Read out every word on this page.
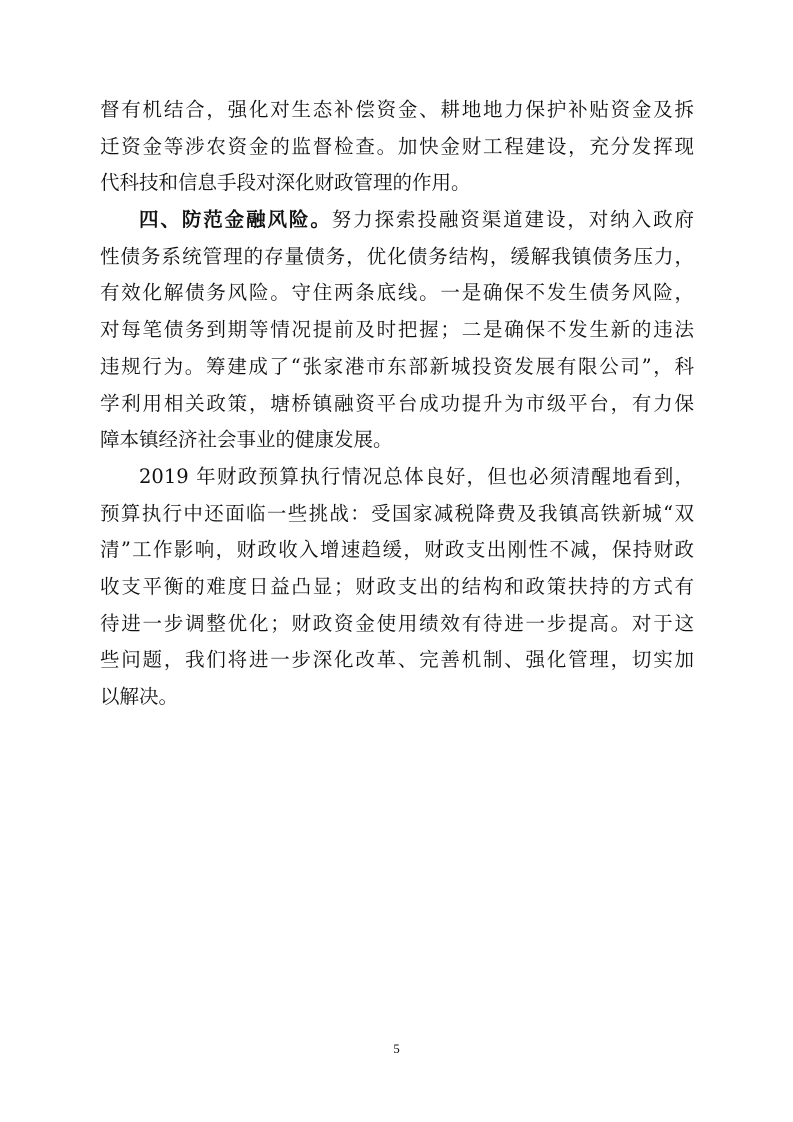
督有机结合，强化对生态补偿资金、耕地地力保护补贴资金及拆
迁资金等涉农资金的监督检查。加快金财工程建设，充分发挥现
代科技和信息手段对深化财政管理的作用。
四、防范金融风险。努力探索投融资渠道建设，对纳入政府
性债务系统管理的存量债务，优化债务结构，缓解我镇债务压力，
有效化解债务风险。守住两条底线。一是确保不发生债务风险，
对每笔债务到期等情况提前及时把握；二是确保不发生新的违法
违规行为。筹建成了“张家港市东部新城投资发展有限公司”，科
学利用相关政策，塘桥镇融资平台成功提升为市级平台，有力保
障本镇经济社会事业的健康发展。
2019 年财政预算执行情况总体良好，但也必须清醒地看到，
预算执行中还面临一些挑战：受国家减税降费及我镇高铁新城“双
清”工作影响，财政收入增速趋缓，财政支出刚性不减，保持财政
收支平衡的难度日益凸显；财政支出的结构和政策扶持的方式有
待进一步调整优化；财政资金使用绩效有待进一步提高。对于这
些问题，我们将进一步深化改革、完善机制、强化管理，切实加
以解决。
5
